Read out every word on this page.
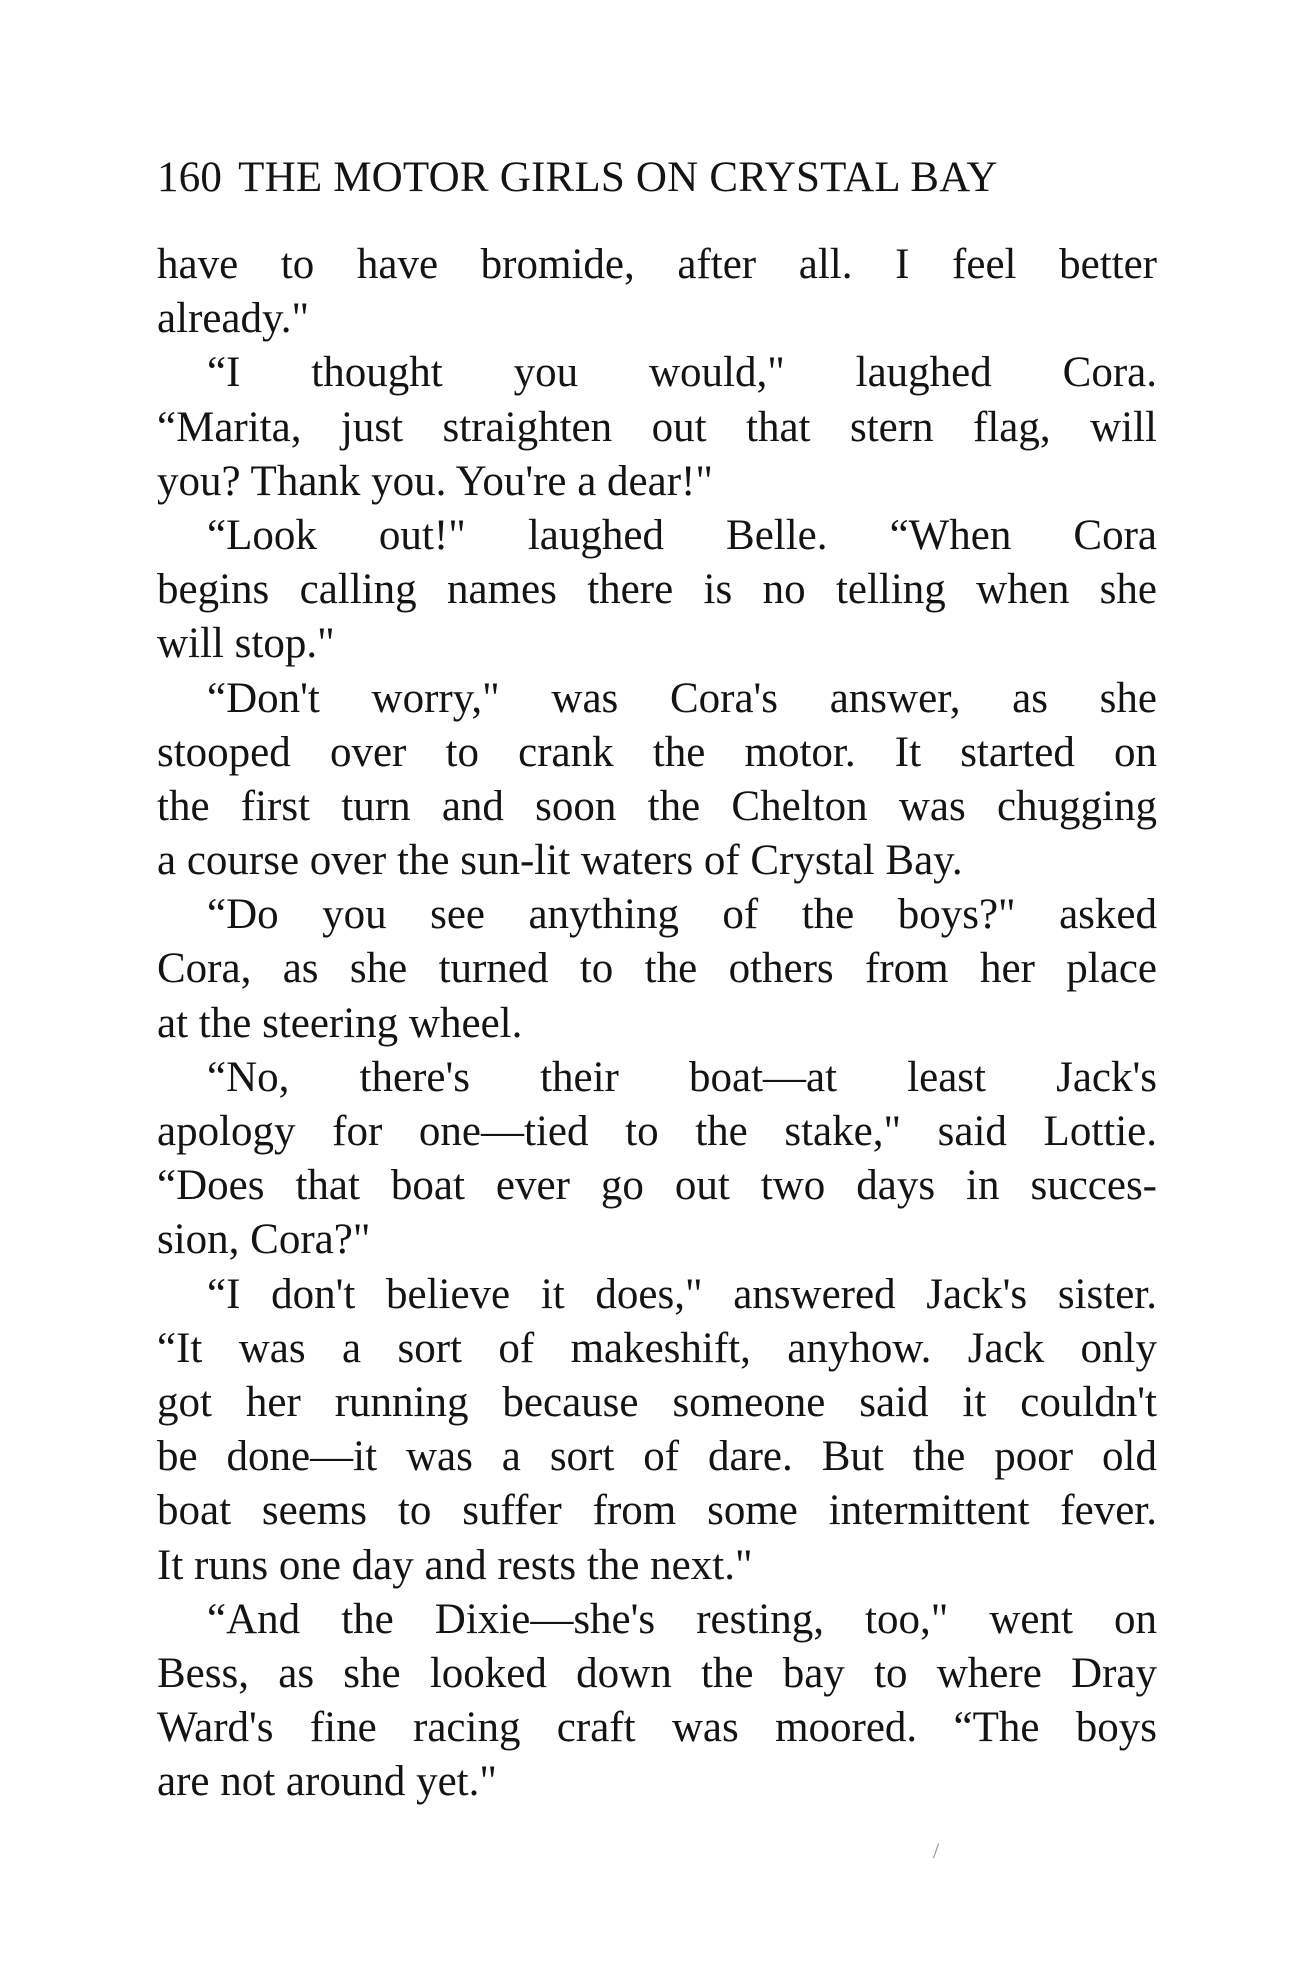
160 THE MOTOR GIRLS ON CRYSTAL BAY
have to have bromide, after all. I feel better
already."
“I thought you would," laughed Cora.
“Marita, just straighten out that stern flag, will
you? Thank you. You're a dear!"
“Look out!" laughed Belle. “When Cora
begins calling names there is no telling when she
will stop."
“Don't worry," was Cora's answer, as she
stooped over to crank the motor. It started on
the first turn and soon the Chelton was chugging
a course over the sun-lit waters of Crystal Bay.
“Do you see anything of the boys?" asked
Cora, as she turned to the others from her place
at the steering wheel.
“No, there's their boat—at least Jack's
apology for one—tied to the stake," said Lottie.
“Does that boat ever go out two days in succes-
sion, Cora?"
“I don't believe it does," answered Jack's sister.
“It was a sort of makeshift, anyhow. Jack only
got her running because someone said it couldn't
be done—it was a sort of dare. But the poor old
boat seems to suffer from some intermittent fever.
It runs one day and rests the next."
“And the Dixie—she's resting, too," went on
Bess, as she looked down the bay to where Dray
Ward's fine racing craft was moored. “The boys
are not around yet."
/
